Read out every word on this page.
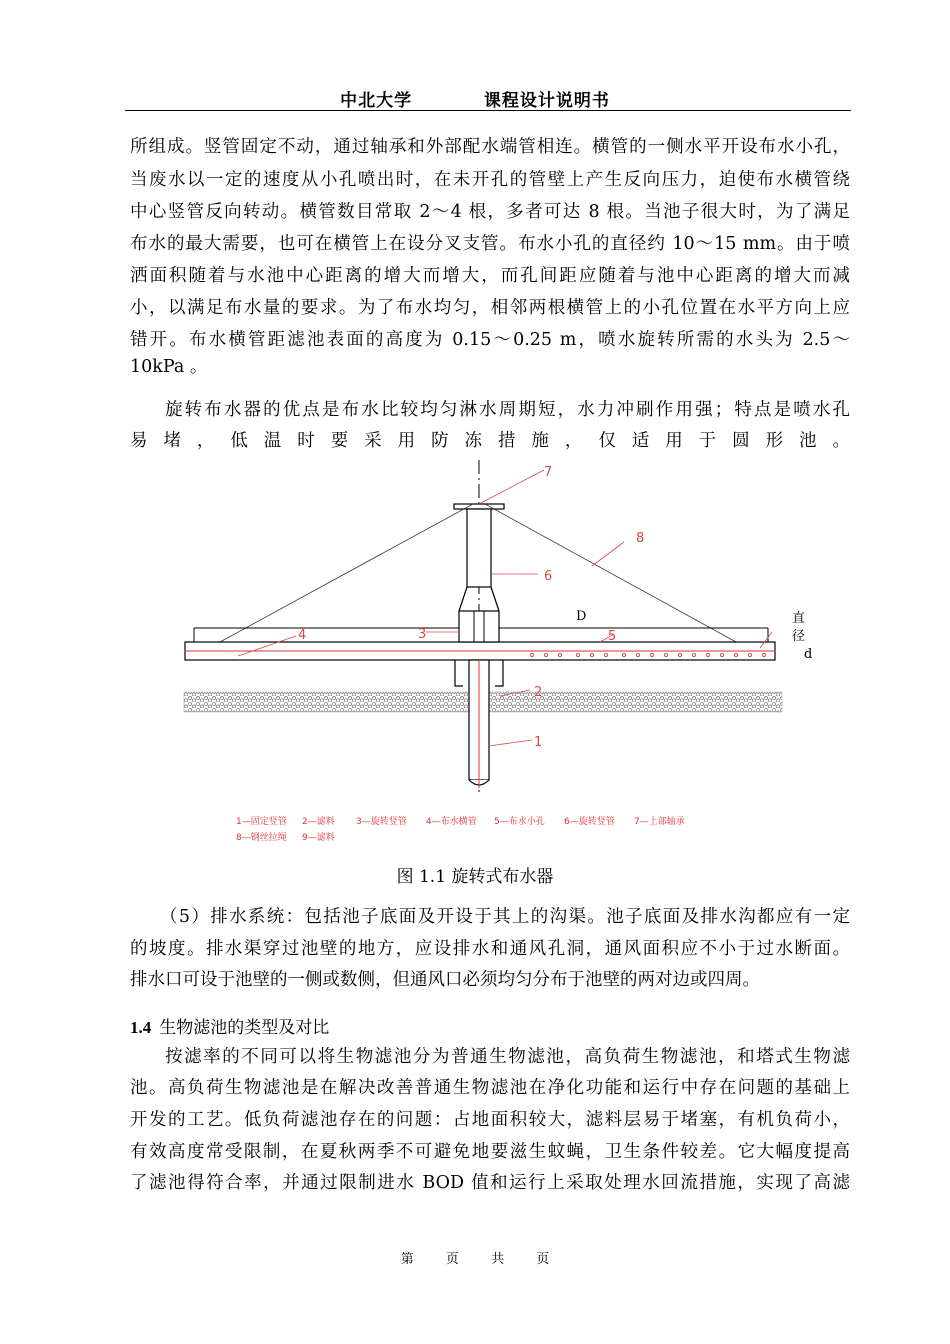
中北大学	课程设计说明书
所组成。竖管固定不动，通过轴承和外部配水端管相连。横管的一侧水平开设布水小孔，
当废水以一定的速度从小孔喷出时，在未开孔的管壁上产生反向压力，迫使布水横管绕
中心竖管反向转动。横管数目常取 2～4 根，多者可达 8 根。当池子很大时，为了满足
布水的最大需要，也可在横管上在设分叉支管。布水小孔的直径约 10～15 mm。由于喷
洒面积随着与水池中心距离的增大而增大，而孔间距应随着与池中心距离的增大而减
小，以满足布水量的要求。为了布水均匀，相邻两根横管上的小孔位置在水平方向上应
错开。布水横管距滤池表面的高度为 0.15～0.25 m，喷水旋转所需的水头为 2.5～
10kPa 。
旋转布水器的优点是布水比较均匀淋水周期短，水力冲刷作用强；特点是喷水孔
易 堵 ， 低 温 时 要 采 用 防 冻 措 施 ， 仅 适 用 于 圆 形 池 。
7
8
6
3
4	5
2
1
D	直
径
d
1—固定竖管 2—滤料 3—旋转竖管 4—布水横管 5—布水小孔 6—旋转竖管 7—上部轴承
8—钢丝拉绳 9—滤料
图 1.1 旋转式布水器
（5）排水系统：包括池子底面及开设于其上的沟渠。池子底面及排水沟都应有一定
的坡度。排水渠穿过池壁的地方，应设排水和通风孔洞，通风面积应不小于过水断面。
排水口可设于池壁的一侧或数侧，但通风口必须均匀分布于池壁的两对边或四周。
1.4 生物滤池的类型及对比
按滤率的不同可以将生物滤池分为普通生物滤池，高负荷生物滤池，和塔式生物滤
池。高负荷生物滤池是在解决改善普通生物滤池在净化功能和运行中存在问题的基础上
开发的工艺。低负荷滤池存在的问题：占地面积较大，滤料层易于堵塞，有机负荷小，
有效高度常受限制，在夏秋两季不可避免地要滋生蚊蝇，卫生条件较差。它大幅度提高
了滤池得符合率，并通过限制进水 BOD 值和运行上采取处理水回流措施，实现了高滤
第 页 共 页
